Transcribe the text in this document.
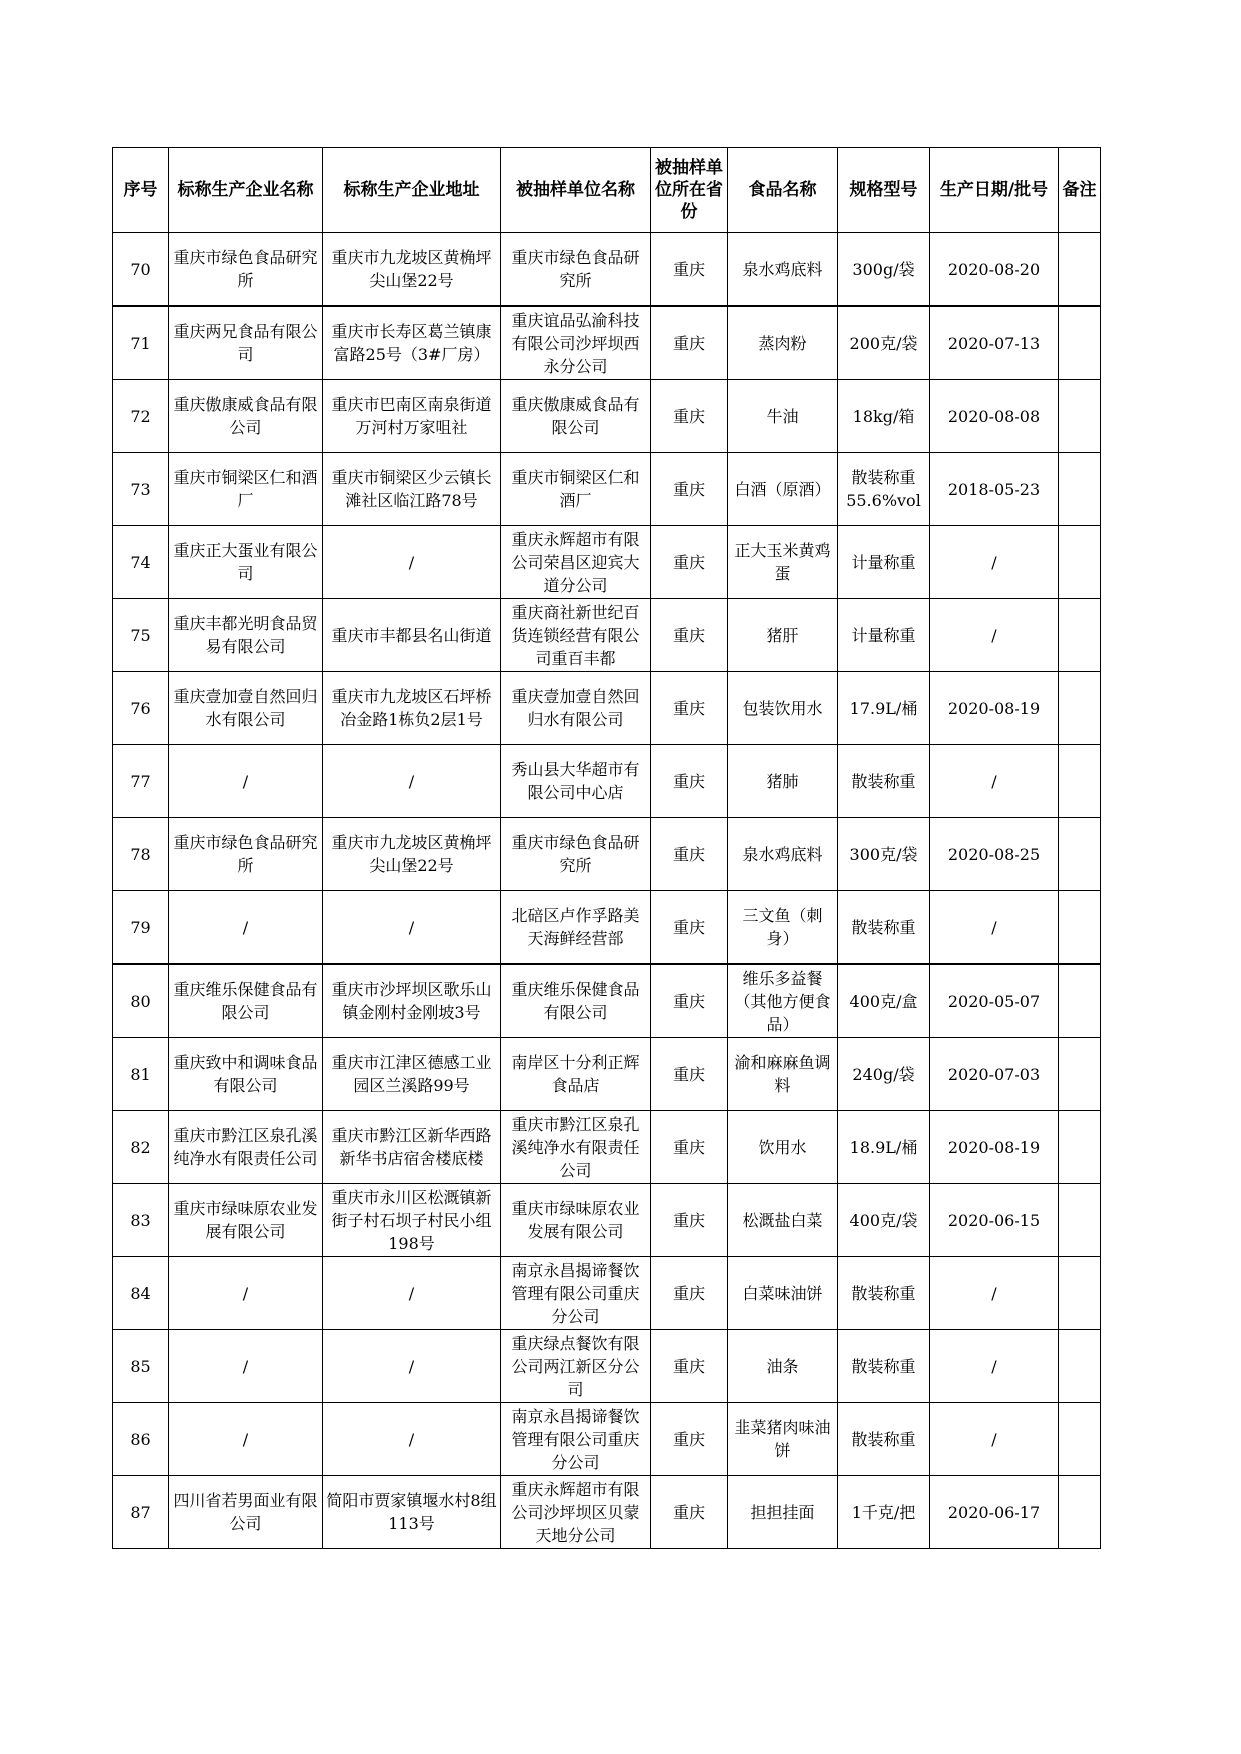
序号	标称生产企业名称	标称生产企业地址	被抽样单位名称	被抽样单位所在省份	食品名称	规格型号	生产日期/批号	备注
70	重庆市绿色食品研究所	重庆市九龙坡区黄桷坪尖山堡22号	重庆市绿色食品研究所	重庆	泉水鸡底料	300g/袋	2020-08-20	
71	重庆两兄食品有限公司	重庆市长寿区葛兰镇康富路25号（3#厂房）	重庆谊品弘渝科技有限公司沙坪坝西永分公司	重庆	蒸肉粉	200克/袋	2020-07-13	
72	重庆傲康威食品有限公司	重庆市巴南区南泉街道万河村万家咀社	重庆傲康威食品有限公司	重庆	牛油	18kg/箱	2020-08-08	
73	重庆市铜梁区仁和酒厂	重庆市铜梁区少云镇长滩社区临江路78号	重庆市铜梁区仁和酒厂	重庆	白酒（原酒）	散装称重55.6%vol	2018-05-23	
74	重庆正大蛋业有限公司	/	重庆永辉超市有限公司荣昌区迎宾大道分公司	重庆	正大玉米黄鸡蛋	计量称重	/	
75	重庆丰都光明食品贸易有限公司	重庆市丰都县名山街道	重庆商社新世纪百货连锁经营有限公司重百丰都	重庆	猪肝	计量称重	/	
76	重庆壹加壹自然回归水有限公司	重庆市九龙坡区石坪桥冶金路1栋负2层1号	重庆壹加壹自然回归水有限公司	重庆	包装饮用水	17.9L/桶	2020-08-19	
77	/	/	秀山县大华超市有限公司中心店	重庆	猪肺	散装称重	/	
78	重庆市绿色食品研究所	重庆市九龙坡区黄桷坪尖山堡22号	重庆市绿色食品研究所	重庆	泉水鸡底料	300克/袋	2020-08-25	
79	/	/	北碚区卢作孚路美天海鲜经营部	重庆	三文鱼（刺身）	散装称重	/	
80	重庆维乐保健食品有限公司	重庆市沙坪坝区歌乐山镇金刚村金刚坡3号	重庆维乐保健食品有限公司	重庆	维乐多益餐（其他方便食品）	400克/盒	2020-05-07	
81	重庆致中和调味食品有限公司	重庆市江津区德感工业园区兰溪路99号	南岸区十分利正辉食品店	重庆	渝和麻麻鱼调料	240g/袋	2020-07-03	
82	重庆市黔江区泉孔溪纯净水有限责任公司	重庆市黔江区新华西路新华书店宿舍楼底楼	重庆市黔江区泉孔溪纯净水有限责任公司	重庆	饮用水	18.9L/桶	2020-08-19	
83	重庆市绿味原农业发展有限公司	重庆市永川区松溉镇新街子村石坝子村民小组198号	重庆市绿味原农业发展有限公司	重庆	松溉盐白菜	400克/袋	2020-06-15	
84	/	/	南京永昌揭谛餐饮管理有限公司重庆分公司	重庆	白菜味油饼	散装称重	/	
85	/	/	重庆绿点餐饮有限公司两江新区分公司	重庆	油条	散装称重	/	
86	/	/	南京永昌揭谛餐饮管理有限公司重庆分公司	重庆	韭菜猪肉味油饼	散装称重	/	
87	四川省若男面业有限公司	简阳市贾家镇堰水村8组113号	重庆永辉超市有限公司沙坪坝区贝蒙天地分公司	重庆	担担挂面	1千克/把	2020-06-17	
